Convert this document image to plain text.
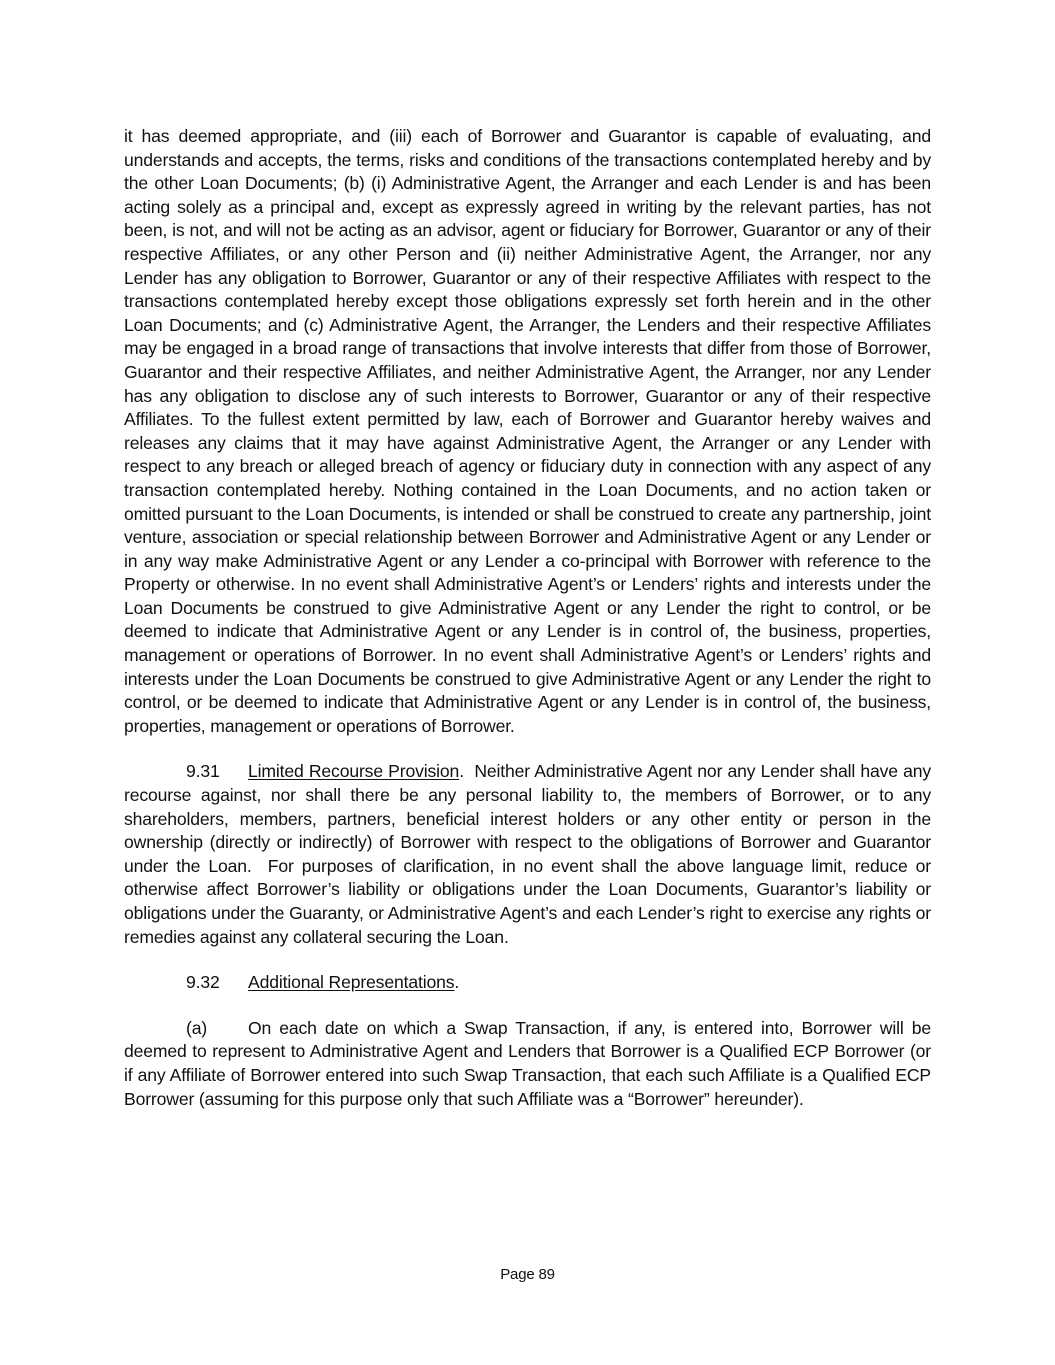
it has deemed appropriate, and (iii) each of Borrower and Guarantor is capable of evaluating, and understands and accepts, the terms, risks and conditions of the transactions contemplated hereby and by the other Loan Documents; (b) (i) Administrative Agent, the Arranger and each Lender is and has been acting solely as a principal and, except as expressly agreed in writing by the relevant parties, has not been, is not, and will not be acting as an advisor, agent or fiduciary for Borrower, Guarantor or any of their respective Affiliates, or any other Person and (ii) neither Administrative Agent, the Arranger, nor any Lender has any obligation to Borrower, Guarantor or any of their respective Affiliates with respect to the transactions contemplated hereby except those obligations expressly set forth herein and in the other Loan Documents; and (c) Administrative Agent, the Arranger, the Lenders and their respective Affiliates may be engaged in a broad range of transactions that involve interests that differ from those of Borrower, Guarantor and their respective Affiliates, and neither Administrative Agent, the Arranger, nor any Lender has any obligation to disclose any of such interests to Borrower, Guarantor or any of their respective Affiliates. To the fullest extent permitted by law, each of Borrower and Guarantor hereby waives and releases any claims that it may have against Administrative Agent, the Arranger or any Lender with respect to any breach or alleged breach of agency or fiduciary duty in connection with any aspect of any transaction contemplated hereby. Nothing contained in the Loan Documents, and no action taken or omitted pursuant to the Loan Documents, is intended or shall be construed to create any partnership, joint venture, association or special relationship between Borrower and Administrative Agent or any Lender or in any way make Administrative Agent or any Lender a co-principal with Borrower with reference to the Property or otherwise. In no event shall Administrative Agent’s or Lenders’ rights and interests under the Loan Documents be construed to give Administrative Agent or any Lender the right to control, or be deemed to indicate that Administrative Agent or any Lender is in control of, the business, properties, management or operations of Borrower. In no event shall Administrative Agent’s or Lenders’ rights and interests under the Loan Documents be construed to give Administrative Agent or any Lender the right to control, or be deemed to indicate that Administrative Agent or any Lender is in control of, the business, properties, management or operations of Borrower.

9.31 Limited Recourse Provision.  Neither Administrative Agent nor any Lender shall have any recourse against, nor shall there be any personal liability to, the members of Borrower, or to any shareholders, members, partners, beneficial interest holders or any other entity or person in the ownership (directly or indirectly) of Borrower with respect to the obligations of Borrower and Guarantor under the Loan.  For purposes of clarification, in no event shall the above language limit, reduce or otherwise affect Borrower’s liability or obligations under the Loan Documents, Guarantor’s liability or obligations under the Guaranty, or Administrative Agent’s and each Lender’s right to exercise any rights or remedies against any collateral securing the Loan.

9.32 Additional Representations.

(a) On each date on which a Swap Transaction, if any, is entered into, Borrower will be deemed to represent to Administrative Agent and Lenders that Borrower is a Qualified ECP Borrower (or if any Affiliate of Borrower entered into such Swap Transaction, that each such Affiliate is a Qualified ECP Borrower (assuming for this purpose only that such Affiliate was a “Borrower” hereunder).

Page 89
